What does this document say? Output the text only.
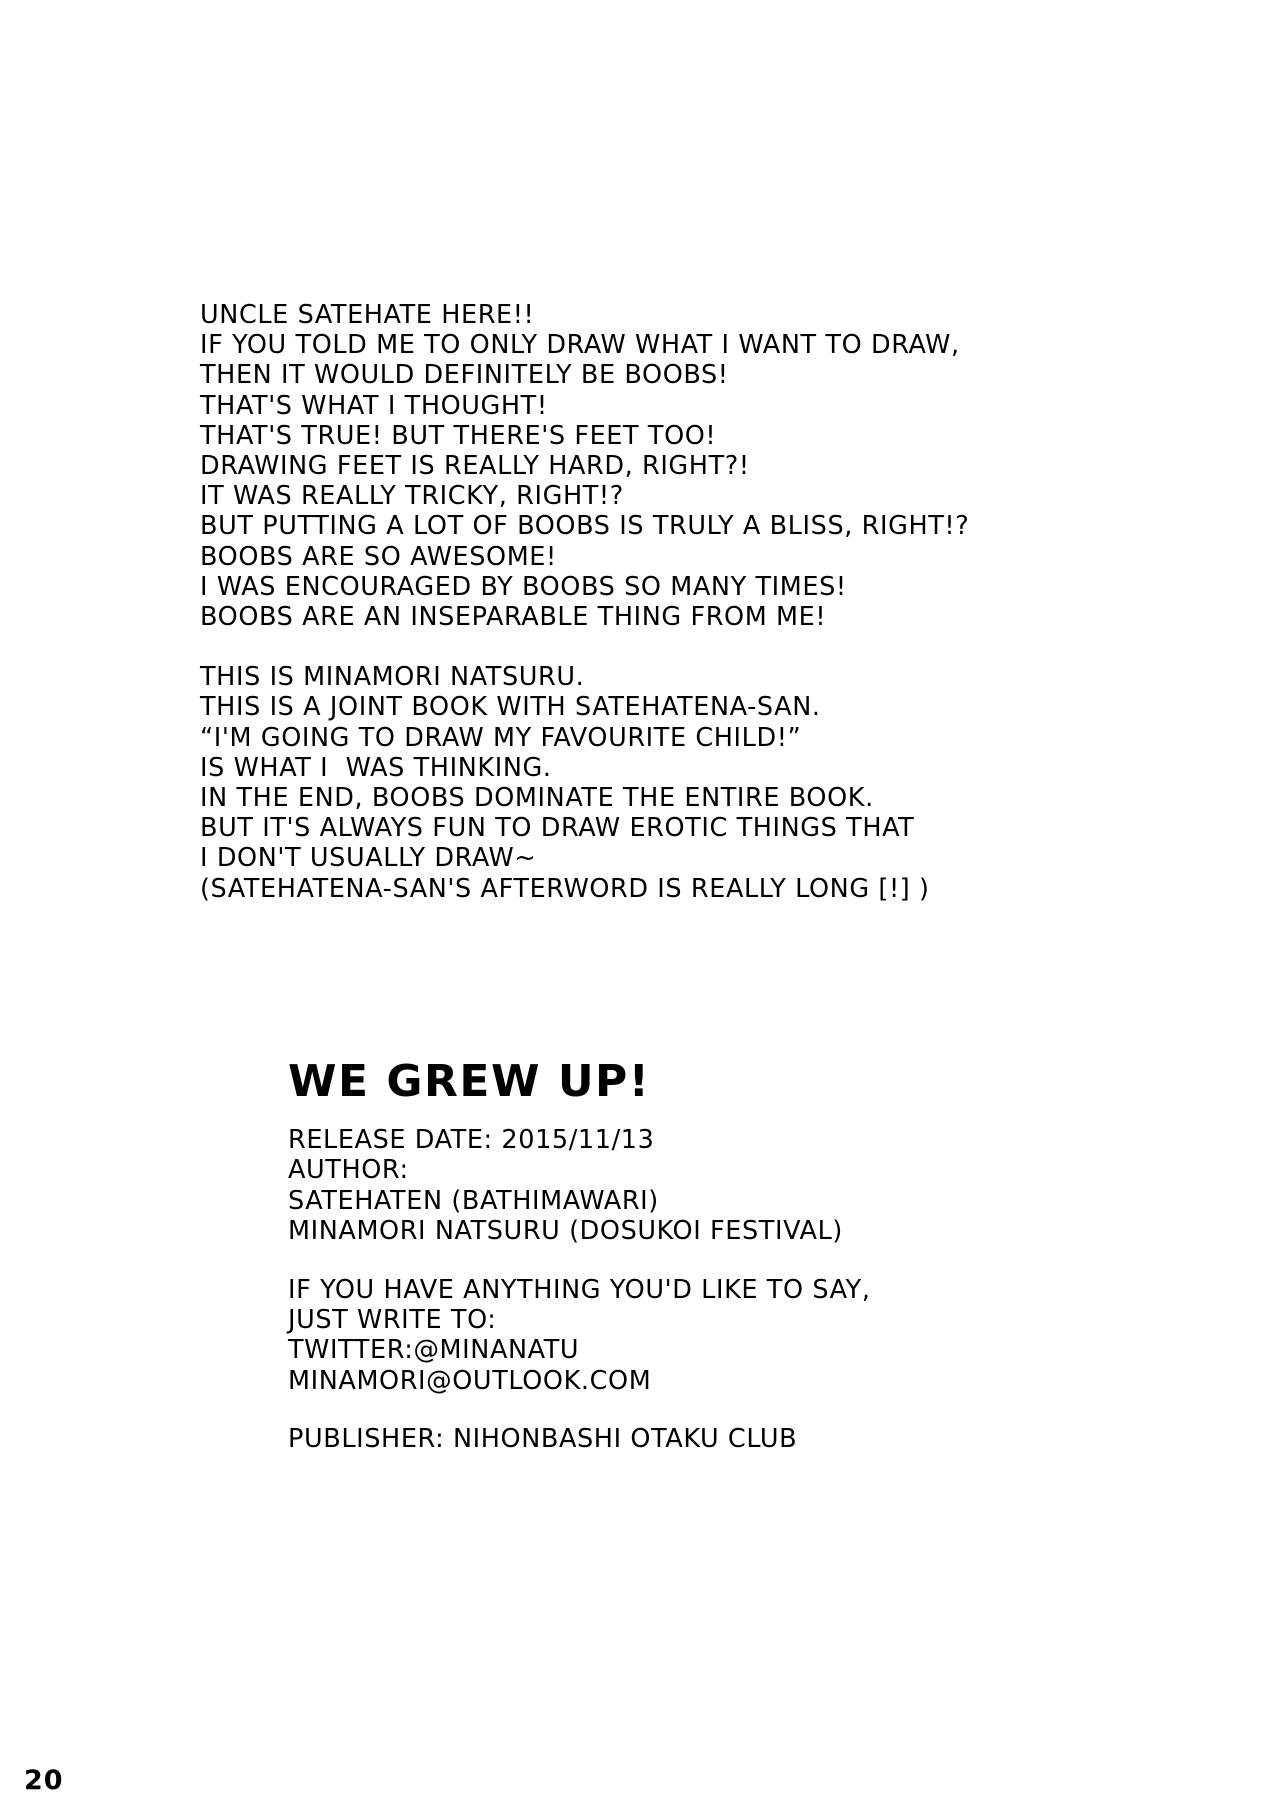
UNCLE SATEHATE HERE!!
IF YOU TOLD ME TO ONLY DRAW WHAT I WANT TO DRAW,
THEN IT WOULD DEFINITELY BE BOOBS!
THAT'S WHAT I THOUGHT!
THAT'S TRUE! BUT THERE'S FEET TOO!
DRAWING FEET IS REALLY HARD, RIGHT?!
IT WAS REALLY TRICKY, RIGHT!?
BUT PUTTING A LOT OF BOOBS IS TRULY A BLISS, RIGHT!?
BOOBS ARE SO AWESOME!
I WAS ENCOURAGED BY BOOBS SO MANY TIMES!
BOOBS ARE AN INSEPARABLE THING FROM ME!
THIS IS MINAMORI NATSURU.
THIS IS A JOINT BOOK WITH SATEHATENA-SAN.
“I'M GOING TO DRAW MY FAVOURITE CHILD!”
IS WHAT I  WAS THINKING.
IN THE END, BOOBS DOMINATE THE ENTIRE BOOK.
BUT IT'S ALWAYS FUN TO DRAW EROTIC THINGS THAT
I DON'T USUALLY DRAW~
(SATEHATENA-SAN'S AFTERWORD IS REALLY LONG [!] )
WE GREW UP!
RELEASE DATE: 2015/11/13
AUTHOR:
SATEHATEN (BATHIMAWARI)
MINAMORI NATSURU (DOSUKOI FESTIVAL)
IF YOU HAVE ANYTHING YOU'D LIKE TO SAY,
JUST WRITE TO:
TWITTER:@MINANATU
MINAMORI@OUTLOOK.COM
PUBLISHER: NIHONBASHI OTAKU CLUB
20
